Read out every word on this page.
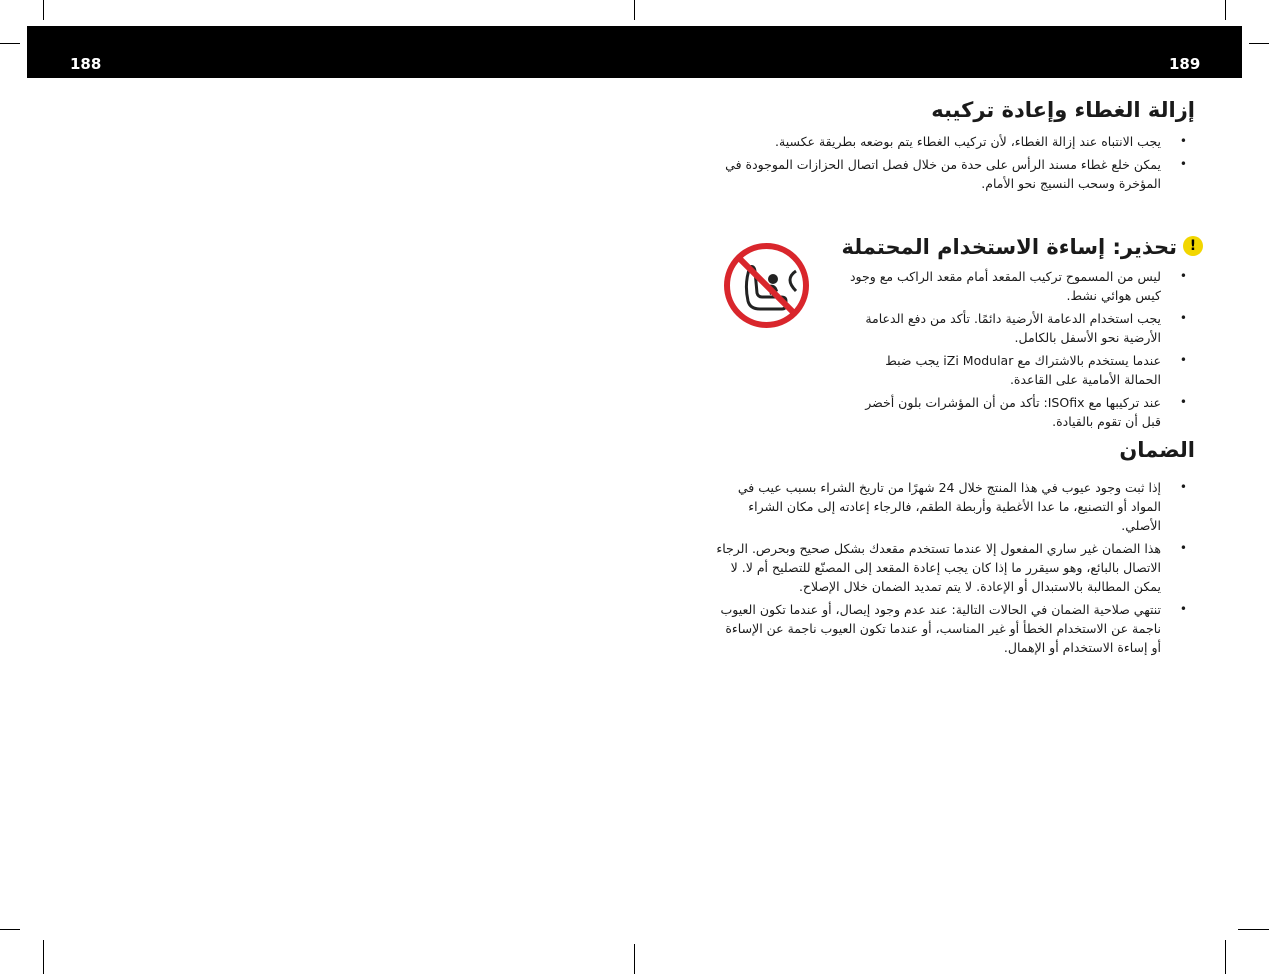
188	189
إزالة الغطاء وإعادة تركيبه
• يجب الانتباه عند إزالة الغطاء، لأن تركيب الغطاء يتم بوضعه بطريقة عكسية.
• يمكن خلع غطاء مسند الرأس على حدة من خلال فصل اتصال الحزازات الموجودة في المؤخرة وسحب النسيج نحو الأمام.
!
تحذير: إساءة الاستخدام المحتملة
• ليس من المسموح تركيب المقعد أمام مقعد الراكب مع وجود كيس هوائي نشط.
• يجب استخدام الدعامة الأرضية دائمًا. تأكد من دفع الدعامة الأرضية نحو الأسفل بالكامل.
• عندما يستخدم بالاشتراك مع iZi Modular يجب ضبط الحمالة الأمامية على القاعدة.
• عند تركيبها مع ISOfix: تأكد من أن المؤشرات بلون أخضر قبل أن تقوم بالقيادة.
الضمان
• إذا ثبت وجود عيوب في هذا المنتج خلال 24 شهرًا من تاريخ الشراء بسبب عيب في المواد أو التصنيع، ما عدا الأغطية وأربطة الطقم، فالرجاء إعادته إلى مكان الشراء الأصلي.
• هذا الضمان غير ساري المفعول إلا عندما تستخدم مقعدك بشكل صحيح وبحرص. الرجاء الاتصال بالبائع، وهو سيقرر ما إذا كان يجب إعادة المقعد إلى المصنّع للتصليح أم لا. لا يمكن المطالبة بالاستبدال أو الإعادة. لا يتم تمديد الضمان خلال الإصلاح.
• تنتهي صلاحية الضمان في الحالات التالية: عند عدم وجود إيصال، أو عندما تكون العيوب ناجمة عن الاستخدام الخطأ أو غير المناسب، أو عندما تكون العيوب ناجمة عن الإساءة أو إساءة الاستخدام أو الإهمال.
